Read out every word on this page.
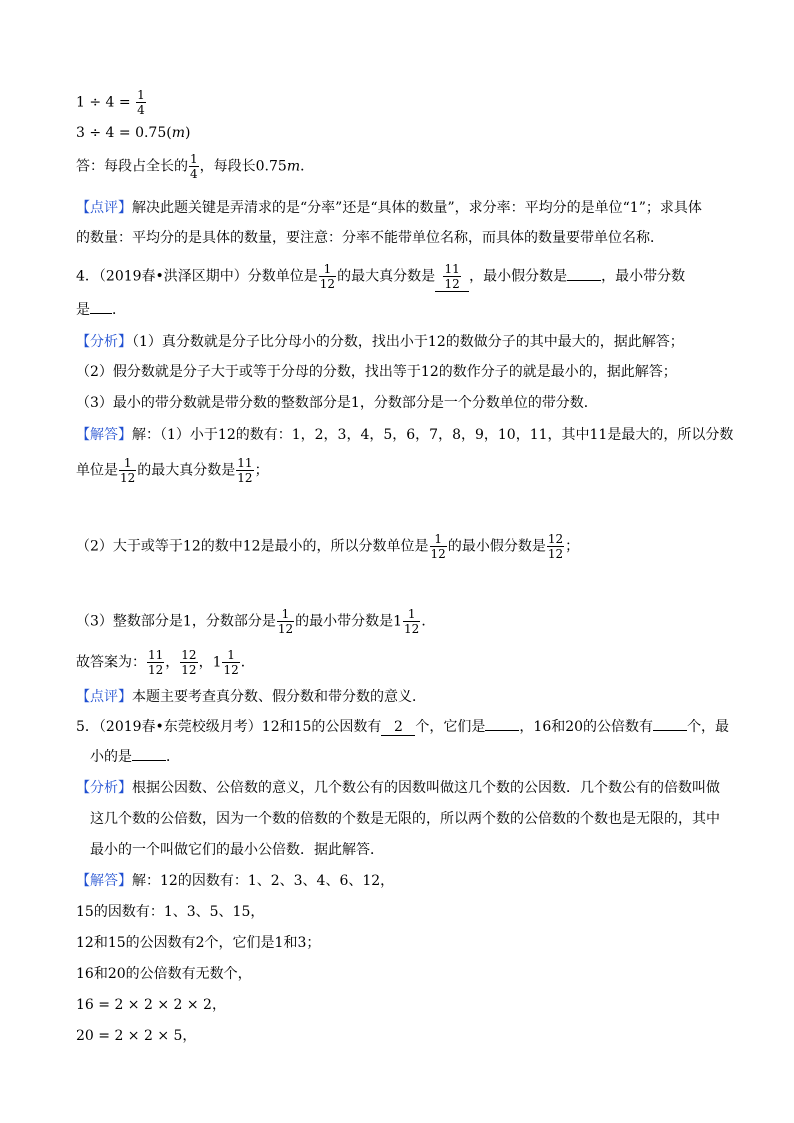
$1 \div 4 = \frac{1}{4}$
3 ÷ 4 = 0.75(m)
答：每段占全长的 $\frac{1}{4}$ ，每段长0.75m．
【点评】解决此题关键是弄清求的是“分率”还是“具体的数量”，求分率：平均分的是单位“1”；求具体
的数量：平均分的是具体的数量，要注意：分率不能带单位名称，而具体的数量要带单位名称．
4．（2019春•洪泽区期中）分数单位是 $\frac{1}{12}$ 的最大真分数是 $\frac{11}{12}$ ，最小假分数是 ，最小带分数
是 ．
【分析】（1）真分数就是分子比分母小的分数，找出小于12的数做分子的其中最大的，据此解答；
（2）假分数就是分子大于或等于分母的分数，找出等于12的数作分子的就是最小的，据此解答；
（3）最小的带分数就是带分数的整数部分是1，分数部分是一个分数单位的带分数．
【解答】解：（1）小于12的数有：1，2，3，4，5，6，7，8，9，10，11，其中11是最大的，所以分数
单位是 $\frac{1}{12}$ 的最大真分数是 $\frac{11}{12}$ ；
（2）大于或等于12的数中12是最小的，所以分数单位是 $\frac{1}{12}$ 的最小假分数是 $\frac{12}{12}$ ；
（3）整数部分是1，分数部分是 $\frac{1}{12}$ 的最小带分数是$1 \frac{1}{12}$ ．
故答案为： $\frac{11}{12}$ ， $\frac{12}{12}$ ，$1 \frac{1}{12}$ ．
【点评】本题主要考查真分数、假分数和带分数的意义．
5．（2019春•东莞校级月考）12和15的公因数有 2 个，它们是 ，16和20的公倍数有 个，最
小的是 ．
【分析】根据公因数、公倍数的意义，几个数公有的因数叫做这几个数的公因数．几个数公有的倍数叫做
这几个数的公倍数，因为一个数的倍数的个数是无限的，所以两个数的公倍数的个数也是无限的，其中
最小的一个叫做它们的最小公倍数．据此解答．
【解答】解：12的因数有：1、2、3、4、6、12，
15的因数有：1、3、5、15，
12和15的公因数有2个，它们是1和3；
16和20的公倍数有无数个，
16 = 2 × 2 × 2 × 2，
20 = 2 × 2 × 5，
